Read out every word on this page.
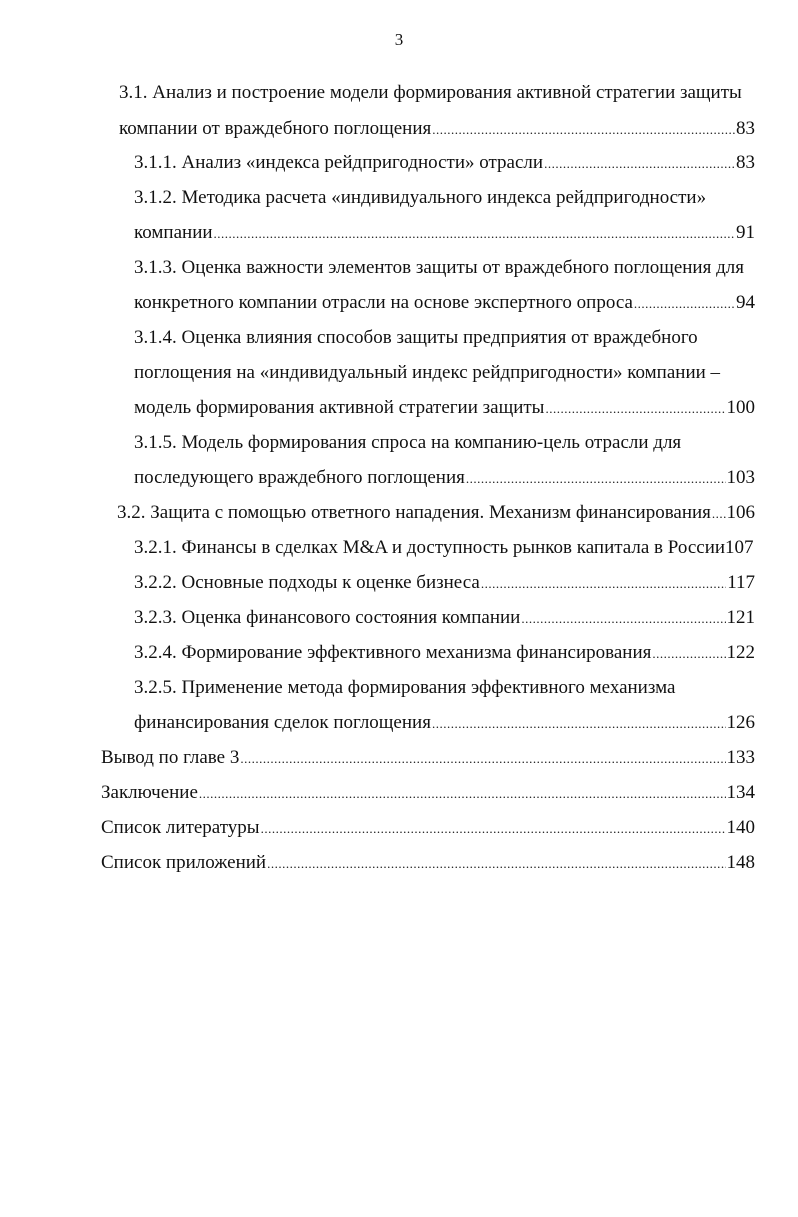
3
3.1. Анализ и построение модели формирования активной стратегии защиты
компании от враждебного поглощения .....	83
3.1.1. Анализ «индекса рейдпригодности» отрасли .....	83
3.1.2. Методика расчета «индивидуального индекса рейдпригодности»
компании .....	91
3.1.3. Оценка важности элементов защиты от враждебного поглощения для
конкретного компании отрасли на основе экспертного опроса .....	94
3.1.4. Оценка влияния способов защиты предприятия от враждебного
поглощения на «индивидуальный индекс рейдпригодности» компании –
модель формирования активной стратегии защиты .....	100
3.1.5. Модель формирования спроса на компанию-цель отрасли для
последующего враждебного поглощения .....	103
3.2. Защита с помощью ответного нападения. Механизм финансирования ..... 106
3.2.1. Финансы в сделках М&A и доступность рынков капитала в России 107
3.2.2. Основные подходы к оценке бизнеса .....	117
3.2.3. Оценка финансового состояния компании .....	121
3.2.4. Формирование эффективного механизма финансирования .....	122
3.2.5. Применение метода формирования эффективного механизма
финансирования сделок поглощения .....	126
Вывод по главе 3 .....	133
Заключение .....	134
Список литературы .....	140
Список приложений .....	148
